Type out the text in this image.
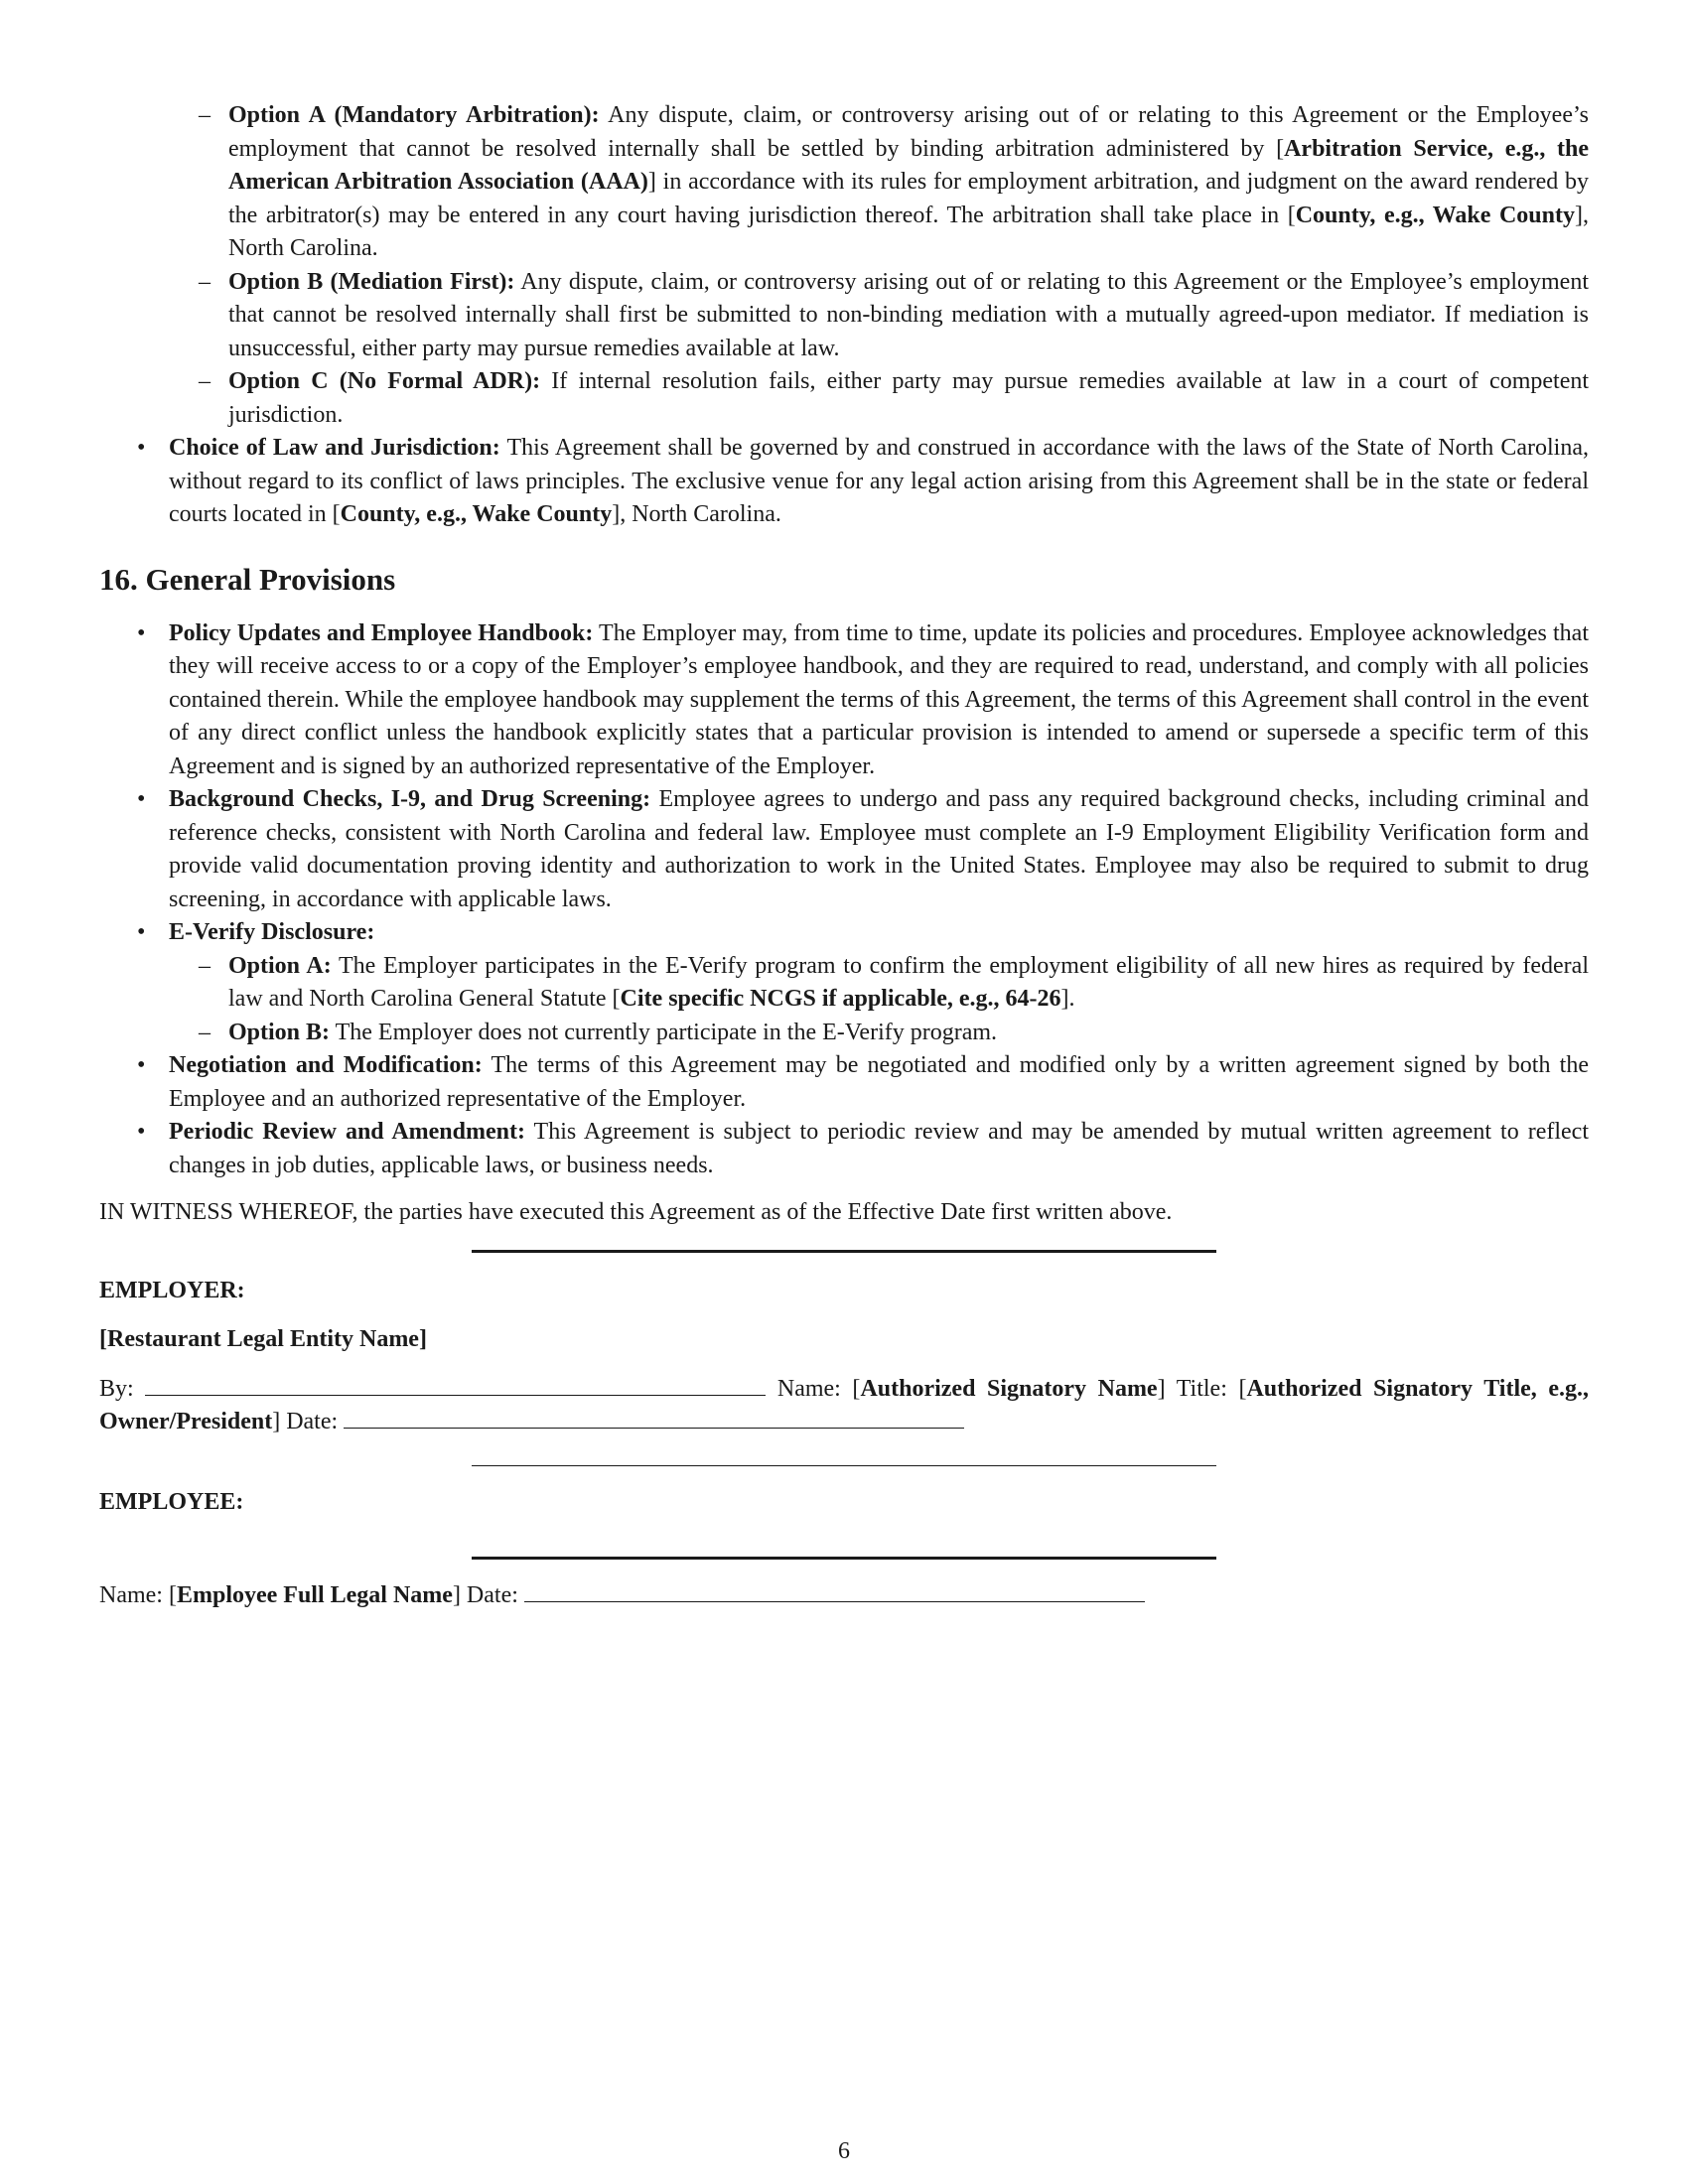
– Option A (Mandatory Arbitration): Any dispute, claim, or controversy arising out of or relating to this Agreement or the Employee’s employment that cannot be resolved internally shall be settled by binding arbitration administered by [Arbitration Service, e.g., the American Arbitration Association (AAA)] in accordance with its rules for employment arbitration, and judgment on the award rendered by the arbitrator(s) may be entered in any court having jurisdiction thereof. The arbitration shall take place in [County, e.g., Wake County], North Carolina.
– Option B (Mediation First): Any dispute, claim, or controversy arising out of or relating to this Agreement or the Employee’s employment that cannot be resolved internally shall first be submitted to non-binding mediation with a mutually agreed-upon mediator. If mediation is unsuccessful, either party may pursue remedies available at law.
– Option C (No Formal ADR): If internal resolution fails, either party may pursue remedies available at law in a court of competent jurisdiction.
• Choice of Law and Jurisdiction: This Agreement shall be governed by and construed in accordance with the laws of the State of North Carolina, without regard to its conflict of laws principles. The exclusive venue for any legal action arising from this Agreement shall be in the state or federal courts located in [County, e.g., Wake County], North Carolina.
16. General Provisions
• Policy Updates and Employee Handbook: The Employer may, from time to time, update its policies and procedures. Employee acknowledges that they will receive access to or a copy of the Employer’s employee handbook, and they are required to read, understand, and comply with all policies contained therein. While the employee handbook may supplement the terms of this Agreement, the terms of this Agreement shall control in the event of any direct conflict unless the handbook explicitly states that a particular provision is intended to amend or supersede a specific term of this Agreement and is signed by an authorized representative of the Employer.
• Background Checks, I-9, and Drug Screening: Employee agrees to undergo and pass any required background checks, including criminal and reference checks, consistent with North Carolina and federal law. Employee must complete an I-9 Employment Eligibility Verification form and provide valid documentation proving identity and authorization to work in the United States. Employee may also be required to submit to drug screening, in accordance with applicable laws.
• E-Verify Disclosure:
– Option A: The Employer participates in the E-Verify program to confirm the employment eligibility of all new hires as required by federal law and North Carolina General Statute [Cite specific NCGS if applicable, e.g., 64-26].
– Option B: The Employer does not currently participate in the E-Verify program.
• Negotiation and Modification: The terms of this Agreement may be negotiated and modified only by a written agreement signed by both the Employee and an authorized representative of the Employer.
• Periodic Review and Amendment: This Agreement is subject to periodic review and may be amended by mutual written agreement to reflect changes in job duties, applicable laws, or business needs.
IN WITNESS WHEREOF, the parties have executed this Agreement as of the Effective Date first written above.
EMPLOYER:
[Restaurant Legal Entity Name]
By:	Name: [Authorized Signatory Name] Title: [Authorized Signatory Title, e.g., Owner/President] Date:
EMPLOYEE:
Name: [Employee Full Legal Name] Date:
6
